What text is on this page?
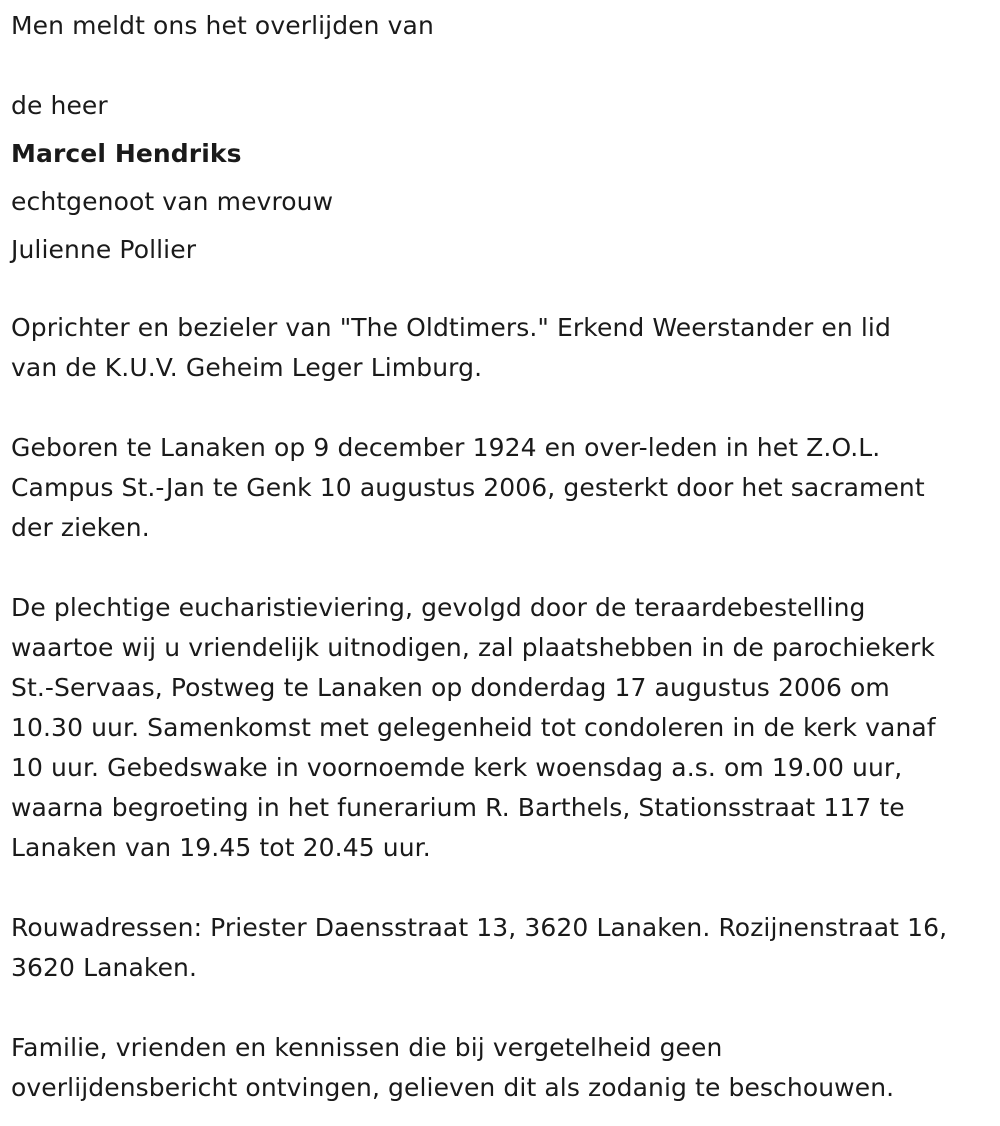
Men meldt ons het overlijden van
de heer
Marcel Hendriks
echtgenoot van mevrouw
Julienne Pollier
Oprichter en bezieler van "The Oldtimers." Erkend Weerstander en lid
van de K.U.V. Geheim Leger Limburg.
Geboren te Lanaken op 9 december 1924 en over-leden in het Z.O.L.
Campus St.-Jan te Genk 10 augustus 2006, gesterkt door het sacrament
der zieken.
De plechtige eucharistieviering, gevolgd door de teraardebestelling
waartoe wij u vriendelijk uitnodigen, zal plaatshebben in de parochiekerk
St.-Servaas, Postweg te Lanaken op donderdag 17 augustus 2006 om
10.30 uur. Samenkomst met gelegenheid tot condoleren in de kerk vanaf
10 uur. Gebedswake in voornoemde kerk woensdag a.s. om 19.00 uur,
waarna begroeting in het funerarium R. Barthels, Stationsstraat 117 te
Lanaken van 19.45 tot 20.45 uur.
Rouwadressen: Priester Daensstraat 13, 3620 Lanaken. Rozijnenstraat 16,
3620 Lanaken.
Familie, vrienden en kennissen die bij vergetelheid geen
overlijdensbericht ontvingen, gelieven dit als zodanig te beschouwen.
